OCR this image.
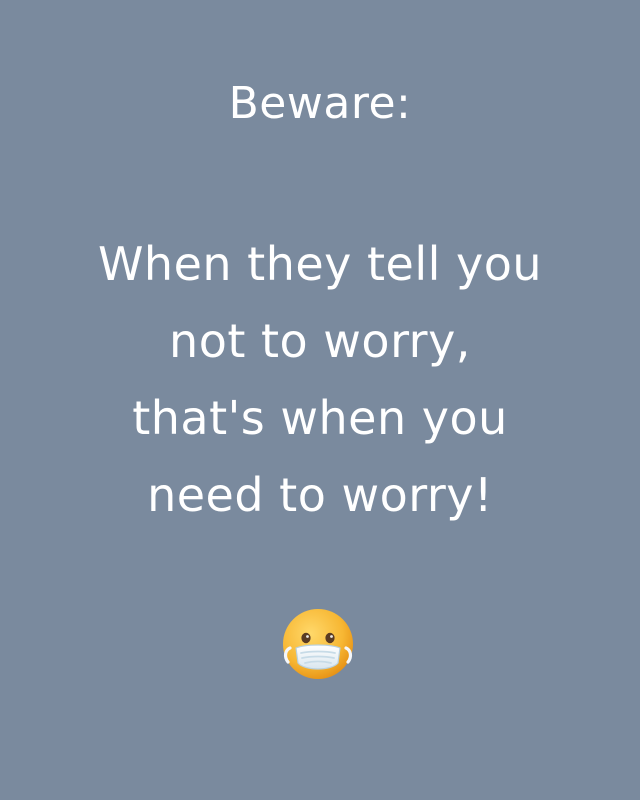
Beware:
When they tell you
not to worry,
that's when you
need to worry!
